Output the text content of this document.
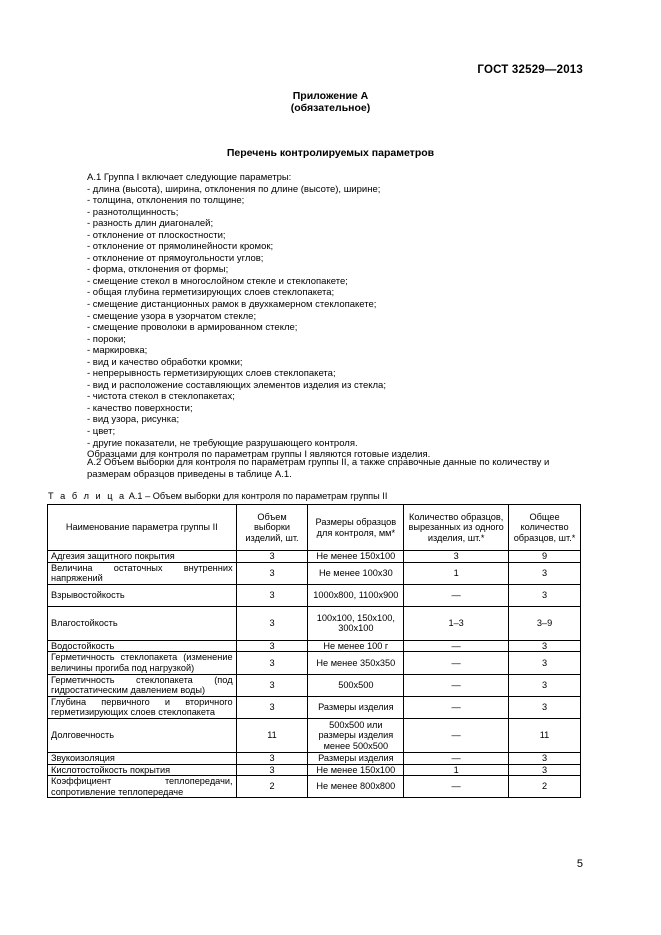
ГОСТ 32529—2013
Приложение А
(обязательное)
Перечень контролируемых параметров
А.1 Группа I включает следующие параметры:
- длина (высота), ширина, отклонения по длине (высоте), ширине;
- толщина, отклонения по толщине;
- разнотолщинность;
- разность длин диагоналей;
- отклонение от плоскостности;
- отклонение от прямолинейности кромок;
- отклонение от прямоугольности углов;
- форма, отклонения от формы;
- смещение стекол в многослойном стекле и стеклопакете;
- общая глубина герметизирующих слоев стеклопакета;
- смещение дистанционных рамок в двухкамерном стеклопакете;
- смещение узора в узорчатом стекле;
- смещение проволоки в армированном стекле;
- пороки;
- маркировка;
- вид и качество обработки кромки;
- непрерывность герметизирующих слоев стеклопакета;
- вид и расположение составляющих элементов изделия из стекла;
- чистота стекол в стеклопакетах;
- качество поверхности;
- вид узора, рисунка;
- цвет;
- другие показатели, не требующие разрушающего контроля.
Образцами для контроля по параметрам группы I являются готовые изделия.
А.2 Объем выборки для контроля по параметрам группы II, а также справочные данные по количеству и размерам образцов приведены в таблице А.1.
Т а б л и ц а А.1 – Объем выборки для контроля по параметрам группы II
Наименование параметра группы II	Объем выборки изделий, шт.	Размеры образцов для контроля, мм*	Количество образцов, вырезанных из одного изделия, шт.*	Общее количество образцов, шт.*
Адгезия защитного покрытия	3	Не менее 150х100	3	9
Величина остаточных внутренних напряжений	3	Не менее 100х30	1	3
Взрывостойкость	3	1000х800, 1100х900	—	3
Влагостойкость	3	100х100, 150х100, 300х100	1–3	3–9
Водостойкость	3	Не менее 100 г	—	3
Герметичность стеклопакета (изменение величины прогиба под нагрузкой)	3	Не менее 350х350	—	3
Герметичность стеклопакета (под гидростатическим давлением воды)	3	500х500	—	3
Глубина первичного и вторичного герметизирующих слоев стеклопакета	3	Размеры изделия	—	3
Долговечность	11	500х500 или размеры изделия менее 500х500	—	11
Звукоизоляция	3	Размеры изделия	—	3
Кислотостойкость покрытия	3	Не менее 150х100	1	3
Коэффициент теплопередачи, сопротивление теплопередаче	2	Не менее 800х800	—	2
5
